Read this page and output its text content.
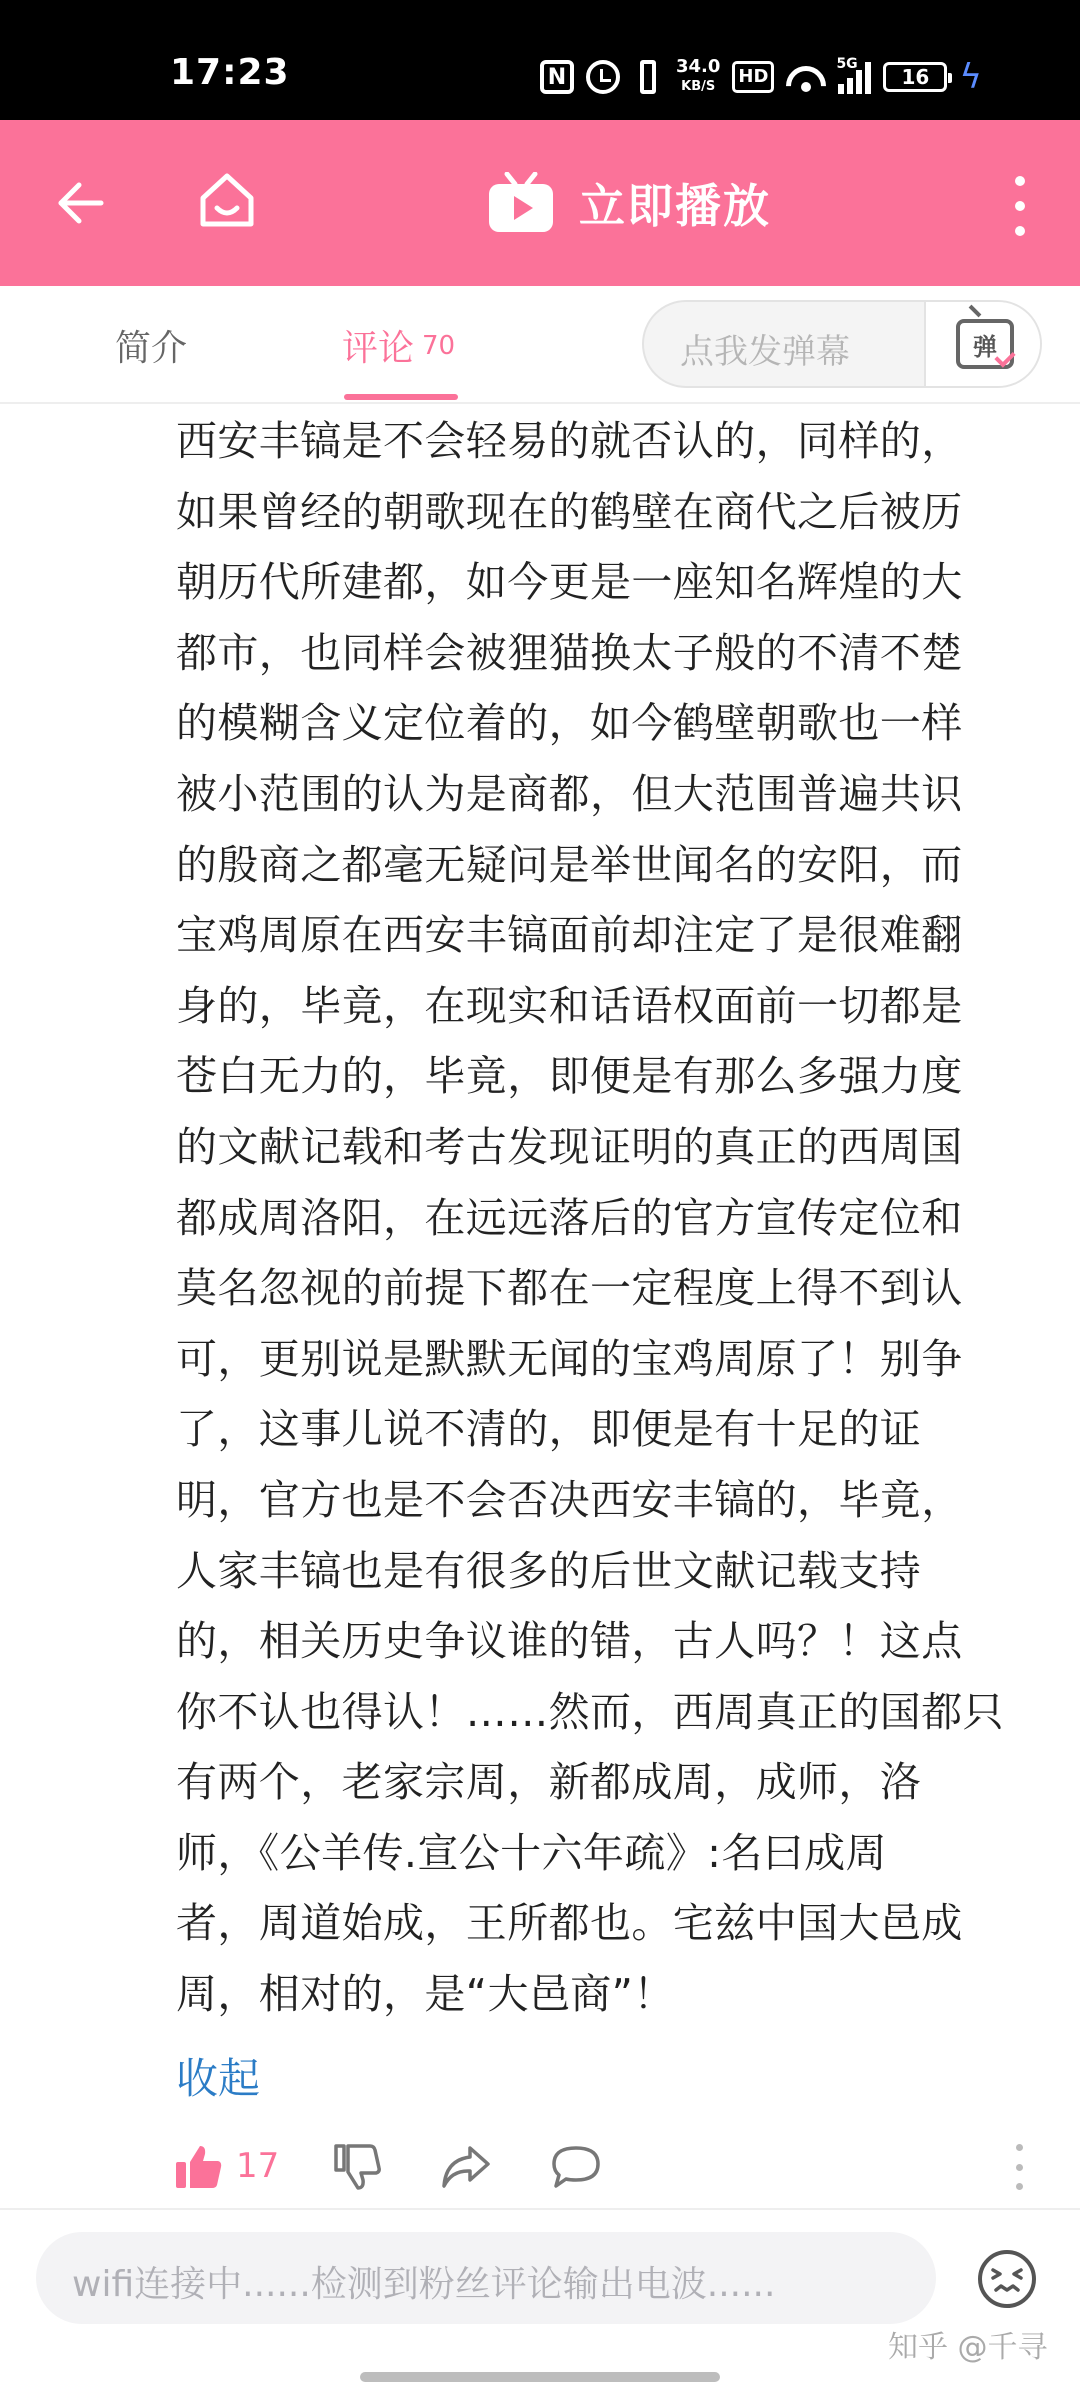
17:23	N	34.0
KB/S	HD
5G
16 ϟ
立即播放
简介	评论 70	点我发弹幕	弹
西安丰镐是不会轻易的就否认的，同样的，
如果曾经的朝歌现在的鹤壁在商代之后被历
朝历代所建都，如今更是一座知名辉煌的大
都市，也同样会被狸猫换太子般的不清不楚
的模糊含义定位着的，如今鹤壁朝歌也一样
被小范围的认为是商都，但大范围普遍共识
的殷商之都毫无疑问是举世闻名的安阳，而
宝鸡周原在西安丰镐面前却注定了是很难翻
身的，毕竟，在现实和话语权面前一切都是
苍白无力的，毕竟，即便是有那么多强力度
的文献记载和考古发现证明的真正的西周国
都成周洛阳，在远远落后的官方宣传定位和
莫名忽视的前提下都在一定程度上得不到认
可，更别说是默默无闻的宝鸡周原了！别争
了，这事儿说不清的，即便是有十足的证
明，官方也是不会否决西安丰镐的，毕竟，
人家丰镐也是有很多的后世文献记载支持
的，相关历史争议谁的错，古人吗？！这点
你不认也得认！……然而，西周真正的国都只
有两个，老家宗周，新都成周，成师，洛
师，《公羊传.宣公十六年疏》:名曰成周
者，周道始成，王所都也。宅兹中国大邑成
周，相对的，是“大邑商”！
收起
17
wifi连接中......检测到粉丝评论输出电波......
知乎 @千寻
